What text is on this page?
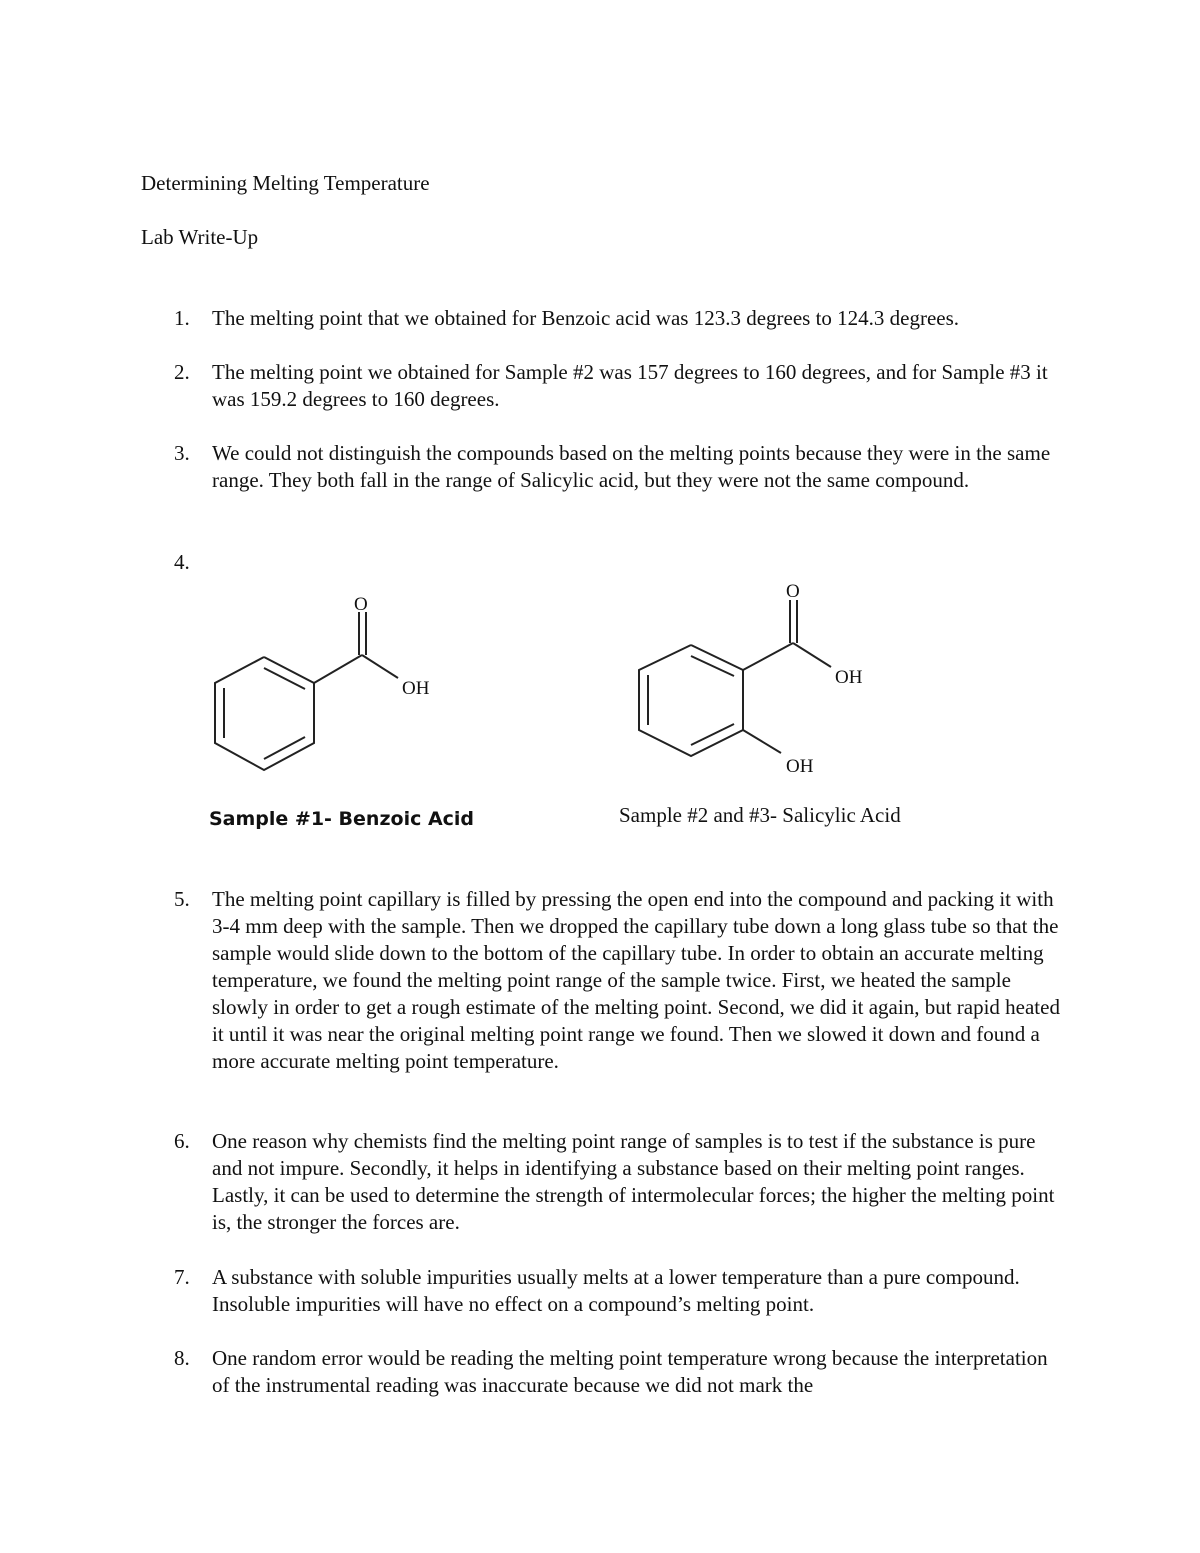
Determining Melting Temperature
Lab Write-Up
1.	The melting point that we obtained for Benzoic acid was 123.3 degrees to 124.3 degrees.
2.	The melting point we obtained for Sample #2 was 157 degrees to 160 degrees, and for Sample #3 it was 159.2 degrees to 160 degrees.
3.	We could not distinguish the compounds based on the melting points because they were in the same range. They both fall in the range of Salicylic acid, but they were not the same compound.
4.
O
OH
O
OH
OH
Sample #1- Benzoic Acid	Sample #2 and #3- Salicylic Acid
5.	The melting point capillary is filled by pressing the open end into the compound and packing it with 3-4 mm deep with the sample. Then we dropped the capillary tube down a long glass tube so that the sample would slide down to the bottom of the capillary tube. In order to obtain an accurate melting temperature, we found the melting point range of the sample twice. First, we heated the sample slowly in order to get a rough estimate of the melting point. Second, we did it again, but rapid heated it until it was near the original melting point range we found. Then we slowed it down and found a more accurate melting point temperature.
6.	One reason why chemists find the melting point range of samples is to test if the substance is pure and not impure. Secondly, it helps in identifying a substance based on their melting point ranges. Lastly, it can be used to determine the strength of intermolecular forces; the higher the melting point is, the stronger the forces are.
7.	A substance with soluble impurities usually melts at a lower temperature than a pure compound. Insoluble impurities will have no effect on a compound’s melting point.
8.	One random error would be reading the melting point temperature wrong because the interpretation of the instrumental reading was inaccurate because we did not mark the
